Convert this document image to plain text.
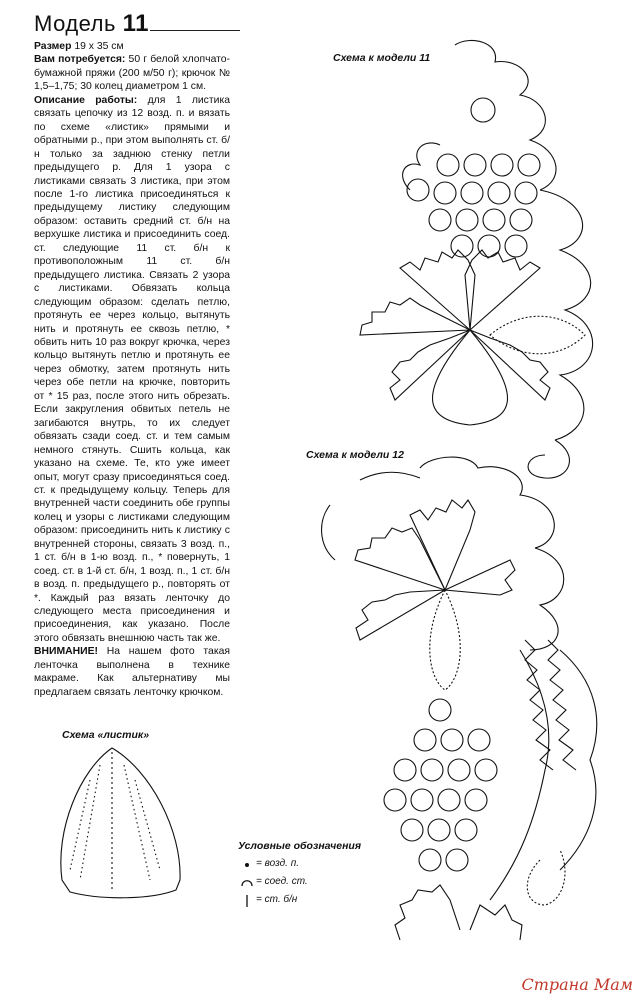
Модель 11
Размер 19 х 35 см
Вам потребуется: 50 г белой хлопчато-бумажной пряжи (200 м/50 г); крючок № 1,5–1,75; 30 колец диаметром 1 см.
Описание работы: для 1 листика связать цепочку из 12 возд. п. и вязать по схеме «листик» прямыми и обратными р., при этом выполнять ст. б/н только за заднюю стенку петли предыдущего р. Для 1 узора с листиками связать 3 листика, при этом после 1-го листика присоединяться к предыдущему листику следующим образом: оставить средний ст. б/н на верхушке листика и присоединить соед. ст. следующие 11 ст. б/н к противоположным 11 ст. б/н предыдущего листика. Связать 2 узора с листиками. Обвязать кольца следующим образом: сделать петлю, протянуть ее через кольцо, вытянуть нить и протянуть ее сквозь петлю, * обвить нить 10 раз вокруг крючка, через кольцо вытянуть петлю и протянуть ее через обмотку, затем протянуть нить через обе петли на крючке, повторить от * 15 раз, после этого нить обрезать. Если закругления обвитых петель не загибаются внутрь, то их следует обвязать сзади соед. ст. и тем самым немного стянуть. Сшить кольца, как указано на схеме. Те, кто уже имеет опыт, могут сразу присоединяться соед. ст. к предыдущему кольцу. Теперь для внутренней части соединить обе группы колец и узоры с листиками следующим образом: присоединить нить к листику с внутренней стороны, связать 3 возд. п., 1 ст. б/н в 1-ю возд. п., * повернуть, 1 соед. ст. в 1-й ст. б/н, 1 возд. п., 1 ст. б/н в возд. п. предыдущего р., повторять от *. Каждый раз вязать ленточку до следующего места присоединения и присоединения, как указано. После этого обвязать внешнюю часть так же.
ВНИМАНИЕ! На нашем фото такая ленточка выполнена в технике макраме. Как альтернативу мы предлагаем связать ленточку крючком.
Схема к модели 11
Схема к модели 12
Схема «листик»
Условные обозначения
= возд. п.
= соед. ст.
= ст. б/н
Страна Мам
